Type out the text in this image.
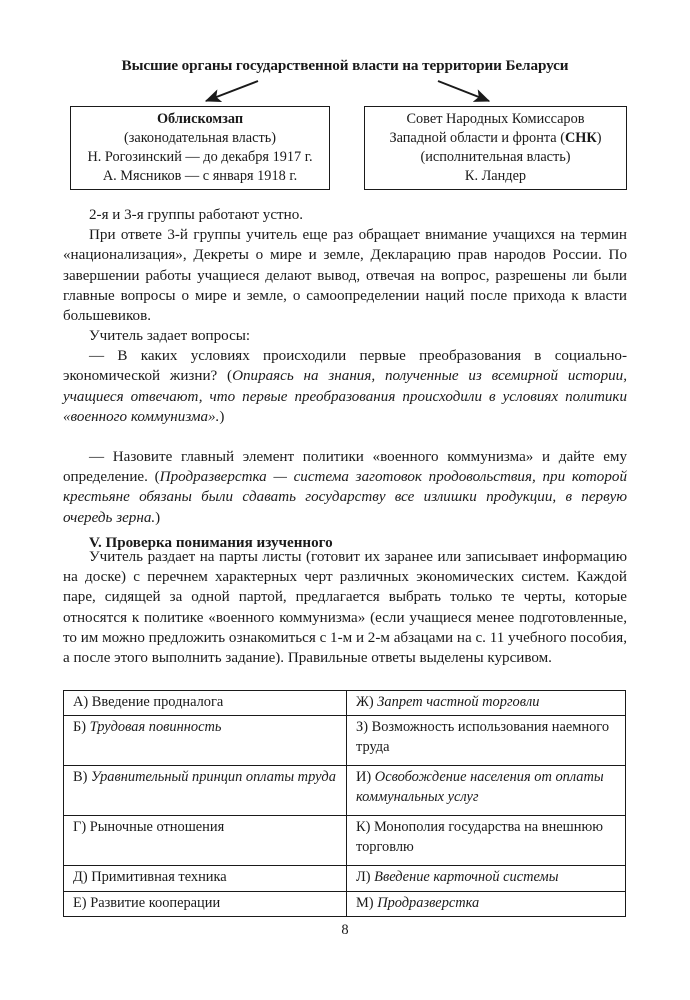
Высшие органы государственной власти на территории Беларуси
Облискомзап
(законодательная власть)
Н. Рогозинский — до декабря 1917 г.
А. Мясников — с января 1918 г.
Совет Народных Комиссаров
Западной области и фронта (СНК)
(исполнительная власть)
К. Ландер

2-я и 3-я группы работают устно.

При ответе 3-й группы учитель еще раз обращает внимание учащихся на термин «национализация», Декреты о мире и земле, Декларацию прав народов России. По завершении работы учащиеся делают вывод, отвечая на вопрос, разрешены ли были главные вопросы о мире и земле, о самоопределении наций после прихода к власти большевиков.

Учитель задает вопросы:

— В каких условиях происходили первые преобразования в социально-экономической жизни? (Опираясь на знания, полученные из всемирной истории, учащиеся отвечают, что первые преобразования происходили в условиях политики «военного коммунизма».)

— Назовите главный элемент политики «военного коммунизма» и дайте ему определение. (Продразверстка — система заготовок продовольствия, при которой крестьяне обязаны были сдавать государству все излишки продукции, в первую очередь зерна.)

V. Проверка понимания изученного

Учитель раздает на парты листы (готовит их заранее или записывает информацию на доске) с перечнем характерных черт различных экономических систем. Каждой паре, сидящей за одной партой, предлагается выбрать только те черты, которые относятся к политике «военного коммунизма» (если учащиеся менее подготовленные, то им можно предложить ознакомиться с 1-м и 2-м абзацами на с. 11 учебного пособия, а после этого выполнить задание). Правильные ответы выделены курсивом.

А) Введение продналога	Ж) Запрет частной торговли
Б) Трудовая повинность	З) Возможность использования наемного труда
В) Уравнительный принцип оплаты труда	И) Освобождение населения от оплаты коммунальных услуг
Г) Рыночные отношения	К) Монополия государства на внешнюю торговлю
Д) Примитивная техника	Л) Введение карточной системы
Е) Развитие кооперации	М) Продразверстка
8
